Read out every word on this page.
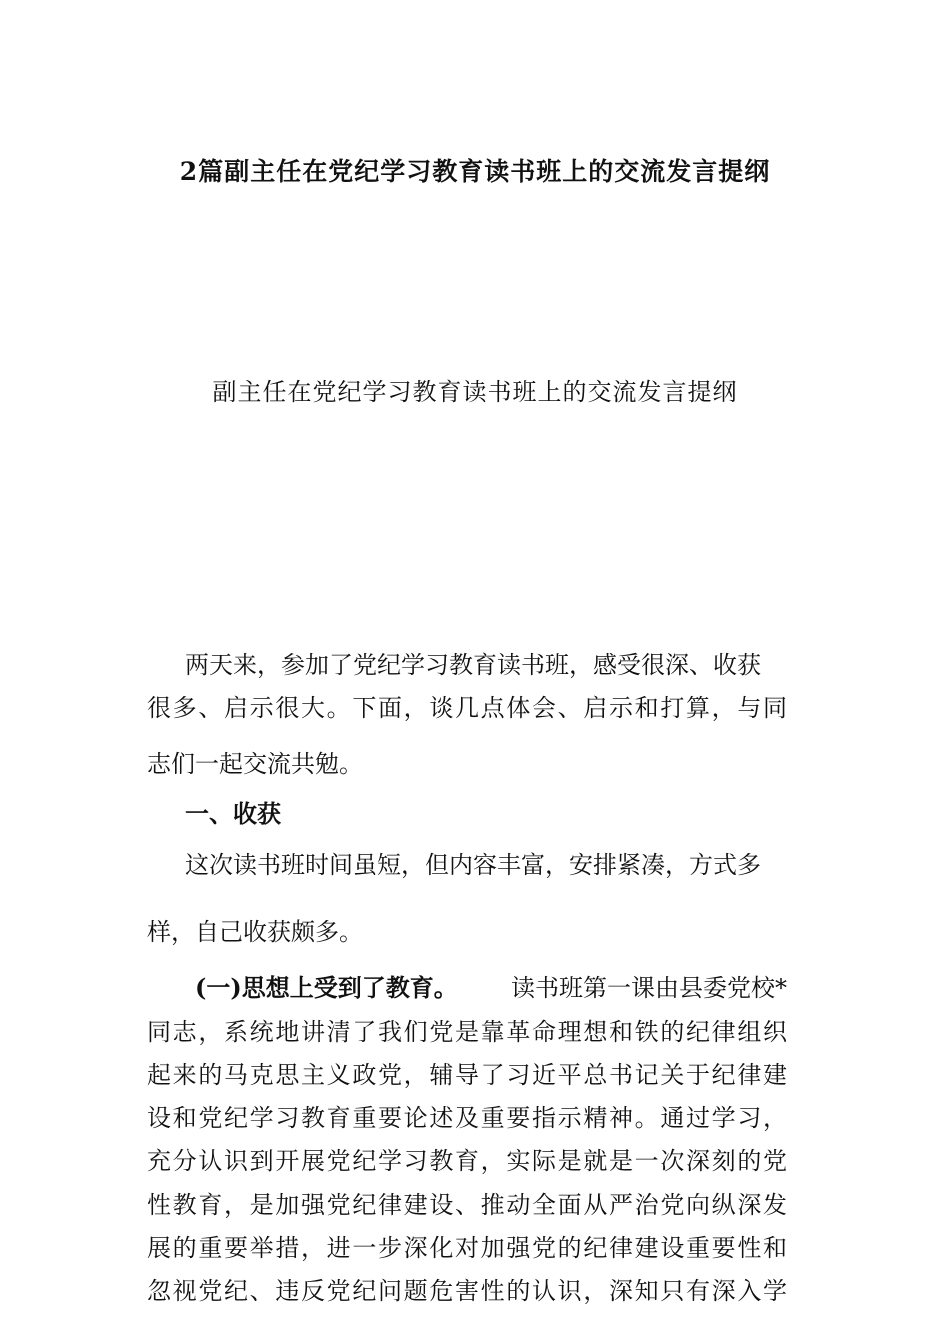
2篇副主任在党纪学习教育读书班上的交流发言提纲
副主任在党纪学习教育读书班上的交流发言提纲
两天来，参加了党纪学习教育读书班，感受很深、收获
很多、启示很大。下面，谈几点体会、启示和打算，与同
志们一起交流共勉。
一、收获
这次读书班时间虽短，但内容丰富，安排紧凑，方式多
样，自己收获颇多。
(一)思想上受到了教育。 读书班第一课由县委党校*
同志，系统地讲清了我们党是靠革命理想和铁的纪律组织
起来的马克思主义政党，辅导了习近平总书记关于纪律建
设和党纪学习教育重要论述及重要指示精神。通过学习，
充分认识到开展党纪学习教育，实际是就是一次深刻的党
性教育，是加强党纪律建设、推动全面从严治党向纵深发
展的重要举措，进一步深化对加强党的纪律建设重要性和
忽视党纪、违反党纪问题危害性的认识，深知只有深入学
